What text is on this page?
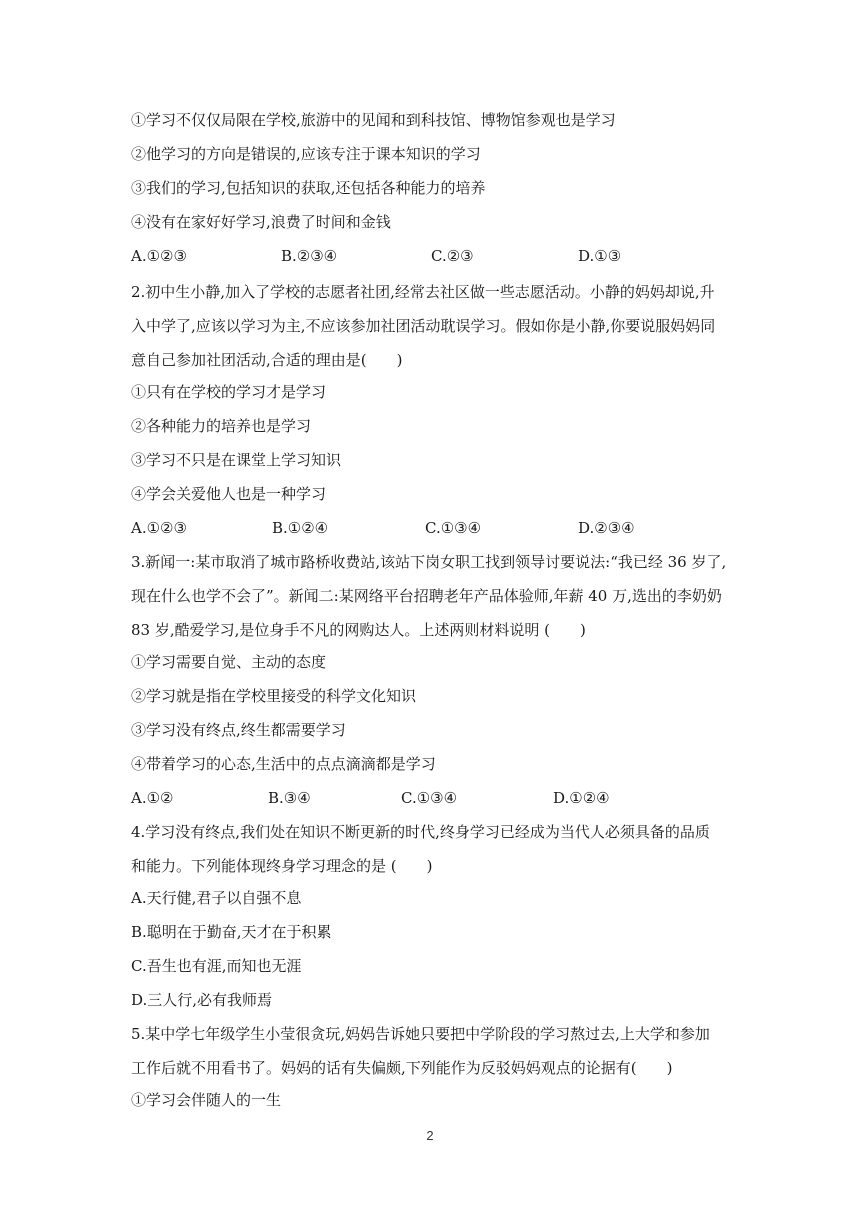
①学习不仅仅局限在学校,旅游中的见闻和到科技馆、博物馆参观也是学习
②他学习的方向是错误的,应该专注于课本知识的学习
③我们的学习,包括知识的获取,还包括各种能力的培养
④没有在家好好学习,浪费了时间和金钱
A.①②③	B.②③④	C.②③	D.①③
2.初中生小静,加入了学校的志愿者社团,经常去社区做一些志愿活动。小静的妈妈却说,升
入中学了,应该以学习为主,不应该参加社团活动耽误学习。假如你是小静,你要说服妈妈同
意自己参加社团活动,合适的理由是(　　)
①只有在学校的学习才是学习
②各种能力的培养也是学习
③学习不只是在课堂上学习知识
④学会关爱他人也是一种学习
A.①②③	B.①②④	C.①③④	D.②③④
3.新闻一:某市取消了城市路桥收费站,该站下岗女职工找到领导讨要说法:“我已经 36 岁了,
现在什么也学不会了”。新闻二:某网络平台招聘老年产品体验师,年薪 40 万,选出的李奶奶
83 岁,酷爱学习,是位身手不凡的网购达人。上述两则材料说明 (　　)
①学习需要自觉、主动的态度
②学习就是指在学校里接受的科学文化知识
③学习没有终点,终生都需要学习
④带着学习的心态,生活中的点点滴滴都是学习
A.①②	B.③④	C.①③④	D.①②④
4.学习没有终点,我们处在知识不断更新的时代,终身学习已经成为当代人必须具备的品质
和能力。下列能体现终身学习理念的是 (　　)
A.天行健,君子以自强不息
B.聪明在于勤奋,天才在于积累
C.吾生也有涯,而知也无涯
D.三人行,必有我师焉
5.某中学七年级学生小莹很贪玩,妈妈告诉她只要把中学阶段的学习熬过去,上大学和参加
工作后就不用看书了。妈妈的话有失偏颇,下列能作为反驳妈妈观点的论据有(　　)
①学习会伴随人的一生
2
